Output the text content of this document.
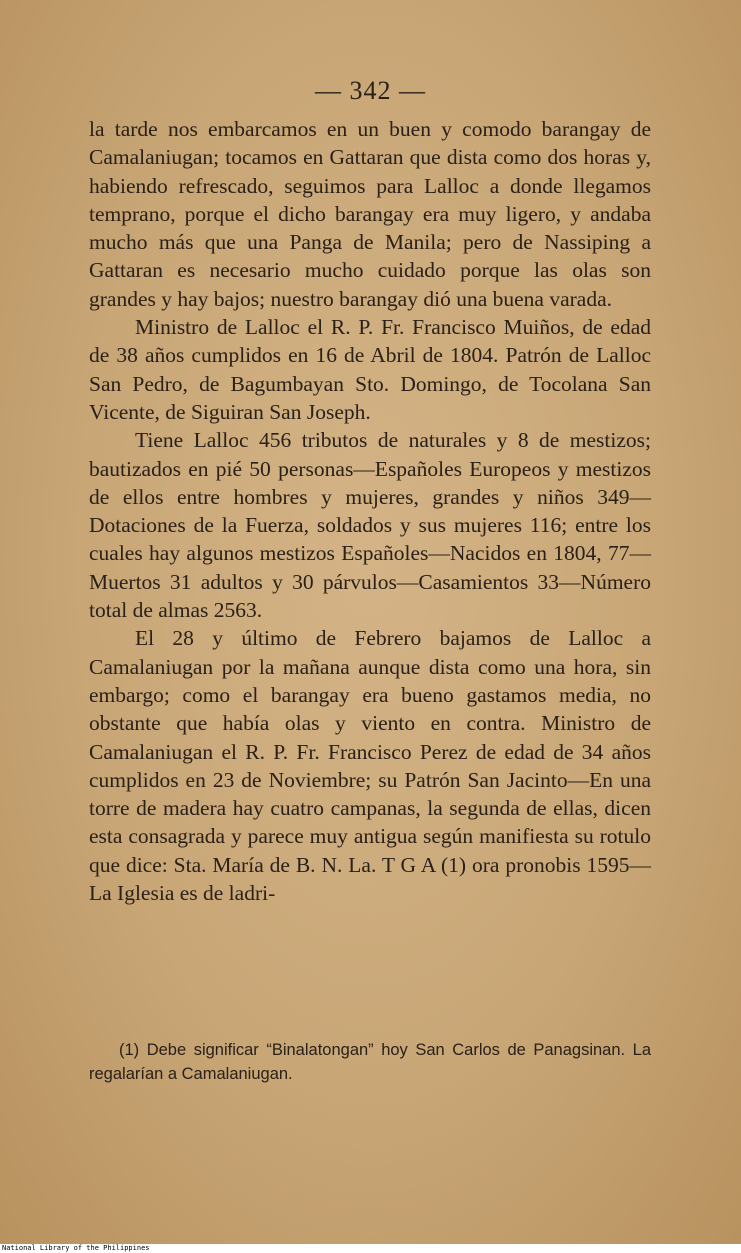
— 342 —

la tarde nos embarcamos en un buen y comodo barangay de Camalaniugan; tocamos en Gattaran que dista como dos horas y, habiendo refrescado, seguimos para Lalloc a donde llegamos temprano, porque el dicho barangay era muy ligero, y andaba mucho más que una Panga de Manila; pero de Nassiping a Gattaran es necesario mucho cuidado porque las olas son grandes y hay bajos; nuestro barangay dió una buena varada.

Ministro de Lalloc el R. P. Fr. Francisco Muiños, de edad de 38 años cumplidos en 16 de Abril de 1804. Patrón de Lalloc San Pedro, de Bagumbayan Sto. Domingo, de Tocolana San Vicente, de Siguiran San Joseph.

Tiene Lalloc 456 tributos de naturales y 8 de mestizos; bautizados en pié 50 personas—Españoles Europeos y mestizos de ellos entre hombres y mujeres, grandes y niños 349—Dotaciones de la Fuerza, soldados y sus mujeres 116; entre los cuales hay algunos mestizos Españoles—Nacidos en 1804, 77—Muertos 31 adultos y 30 párvulos—Casamientos 33—Número total de almas 2563.

El 28 y último de Febrero bajamos de Lalloc a Camalaniugan por la mañana aunque dista como una hora, sin embargo; como el barangay era bueno gastamos media, no obstante que había olas y viento en contra. Ministro de Camalaniugan el R. P. Fr. Francisco Perez de edad de 34 años cumplidos en 23 de Noviembre; su Patrón San Jacinto—En una torre de madera hay cuatro campanas, la segunda de ellas, dicen esta consagrada y parece muy antigua según manifiesta su rotulo que dice: Sta. María de B. N. La. T G A (1) ora pronobis 1595—La Iglesia es de ladri-

(1) Debe significar “Binalatongan” hoy San Carlos de Panagsinan. La regalarían a Camalaniugan.

National Library of the Philippines
